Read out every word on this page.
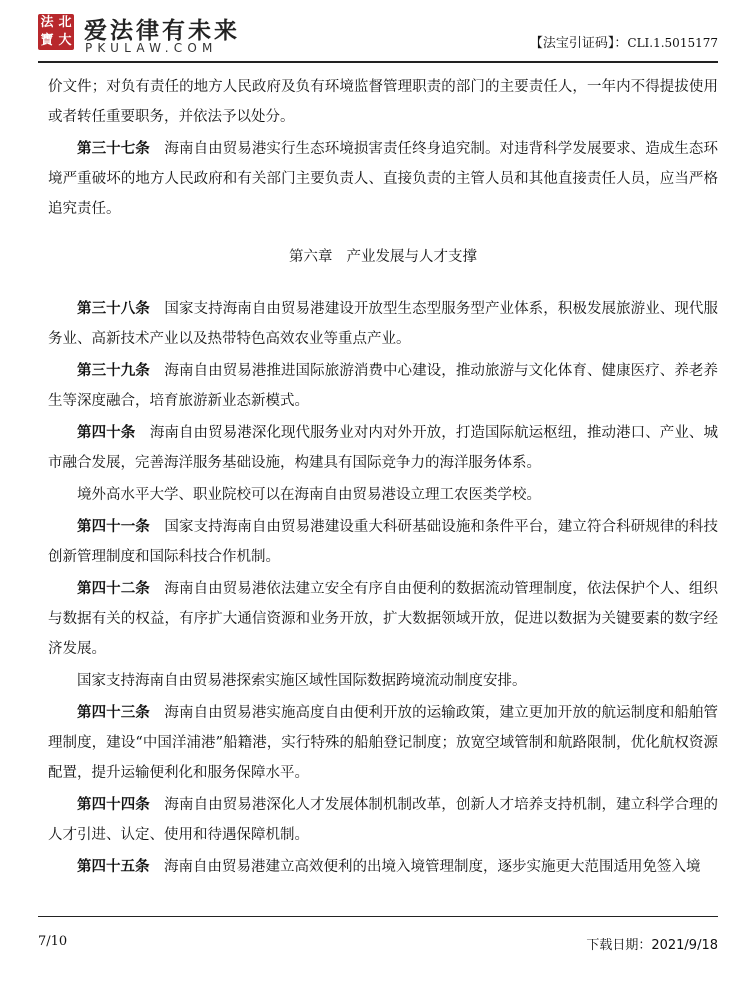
法 北
寶 大 爱法律有未来
PKULAW.COM	【法宝引证码】：CLI.1.5015177

价文件；对负有责任的地方人民政府及负有环境监督管理职责的部门的主要责任人，一年内不得提拔使用或者转任重要职务，并依法予以处分。

第三十七条  海南自由贸易港实行生态环境损害责任终身追究制。对违背科学发展要求、造成生态环境严重破坏的地方人民政府和有关部门主要负责人、直接负责的主管人员和其他直接责任人员，应当严格追究责任。

第六章 产业发展与人才支撑

第三十八条  国家支持海南自由贸易港建设开放型生态型服务型产业体系，积极发展旅游业、现代服务业、高新技术产业以及热带特色高效农业等重点产业。

第三十九条  海南自由贸易港推进国际旅游消费中心建设，推动旅游与文化体育、健康医疗、养老养生等深度融合，培育旅游新业态新模式。

第四十条  海南自由贸易港深化现代服务业对内对外开放，打造国际航运枢纽，推动港口、产业、城市融合发展，完善海洋服务基础设施，构建具有国际竞争力的海洋服务体系。

境外高水平大学、职业院校可以在海南自由贸易港设立理工农医类学校。

第四十一条  国家支持海南自由贸易港建设重大科研基础设施和条件平台，建立符合科研规律的科技创新管理制度和国际科技合作机制。

第四十二条  海南自由贸易港依法建立安全有序自由便利的数据流动管理制度，依法保护个人、组织与数据有关的权益，有序扩大通信资源和业务开放，扩大数据领域开放，促进以数据为关键要素的数字经济发展。

国家支持海南自由贸易港探索实施区域性国际数据跨境流动制度安排。

第四十三条  海南自由贸易港实施高度自由便利开放的运输政策，建立更加开放的航运制度和船舶管理制度，建设“中国洋浦港”船籍港，实行特殊的船舶登记制度；放宽空域管制和航路限制，优化航权资源配置，提升运输便利化和服务保障水平。

第四十四条  海南自由贸易港深化人才发展体制机制改革，创新人才培养支持机制，建立科学合理的人才引进、认定、使用和待遇保障机制。

第四十五条  海南自由贸易港建立高效便利的出境入境管理制度，逐步实施更大范围适用免签入境

7/10	下载日期：2021/9/18
